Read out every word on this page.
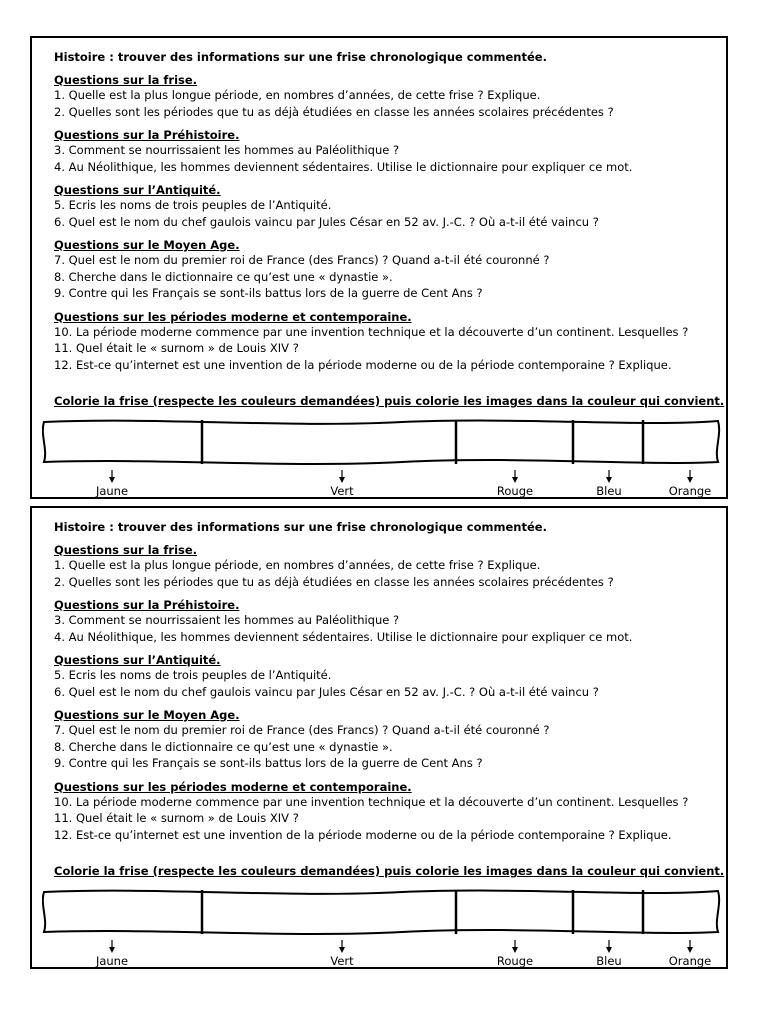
Histoire : trouver des informations sur une frise chronologique commentée.
Questions sur la frise.
1. Quelle est la plus longue période, en nombres d’années, de cette frise ? Explique.
2. Quelles sont les périodes que tu as déjà étudiées en classe les années scolaires précédentes ?
Questions sur la Préhistoire.
3. Comment se nourrissaient les hommes au Paléolithique ?
4. Au Néolithique, les hommes deviennent sédentaires. Utilise le dictionnaire pour expliquer ce mot.
Questions sur l’Antiquité.
5. Ecris les noms de trois peuples de l’Antiquité.
6. Quel est le nom du chef gaulois vaincu par Jules César en 52 av. J.-C. ? Où a-t-il été vaincu ?
Questions sur le Moyen Age.
7. Quel est le nom du premier roi de France (des Francs) ? Quand a-t-il été couronné ?
8. Cherche dans le dictionnaire ce qu’est une « dynastie ».
9. Contre qui les Français se sont-ils battus lors de la guerre de Cent Ans ?
Questions sur les périodes moderne et contemporaine.
10. La période moderne commence par une invention technique et la découverte d’un continent. Lesquelles ?
11. Quel était le « surnom » de Louis XIV ?
12. Est-ce qu’internet est une invention de la période moderne ou de la période contemporaine ? Explique.
Colorie la frise (respecte les couleurs demandées) puis colorie les images dans la couleur qui convient.
Jaune	Vert	Rouge	Bleu	Orange
Histoire : trouver des informations sur une frise chronologique commentée.
Questions sur la frise.
1. Quelle est la plus longue période, en nombres d’années, de cette frise ? Explique.
2. Quelles sont les périodes que tu as déjà étudiées en classe les années scolaires précédentes ?
Questions sur la Préhistoire.
3. Comment se nourrissaient les hommes au Paléolithique ?
4. Au Néolithique, les hommes deviennent sédentaires. Utilise le dictionnaire pour expliquer ce mot.
Questions sur l’Antiquité.
5. Ecris les noms de trois peuples de l’Antiquité.
6. Quel est le nom du chef gaulois vaincu par Jules César en 52 av. J.-C. ? Où a-t-il été vaincu ?
Questions sur le Moyen Age.
7. Quel est le nom du premier roi de France (des Francs) ? Quand a-t-il été couronné ?
8. Cherche dans le dictionnaire ce qu’est une « dynastie ».
9. Contre qui les Français se sont-ils battus lors de la guerre de Cent Ans ?
Questions sur les périodes moderne et contemporaine.
10. La période moderne commence par une invention technique et la découverte d’un continent. Lesquelles ?
11. Quel était le « surnom » de Louis XIV ?
12. Est-ce qu’internet est une invention de la période moderne ou de la période contemporaine ? Explique.
Colorie la frise (respecte les couleurs demandées) puis colorie les images dans la couleur qui convient.
Jaune	Vert	Rouge	Bleu	Orange
